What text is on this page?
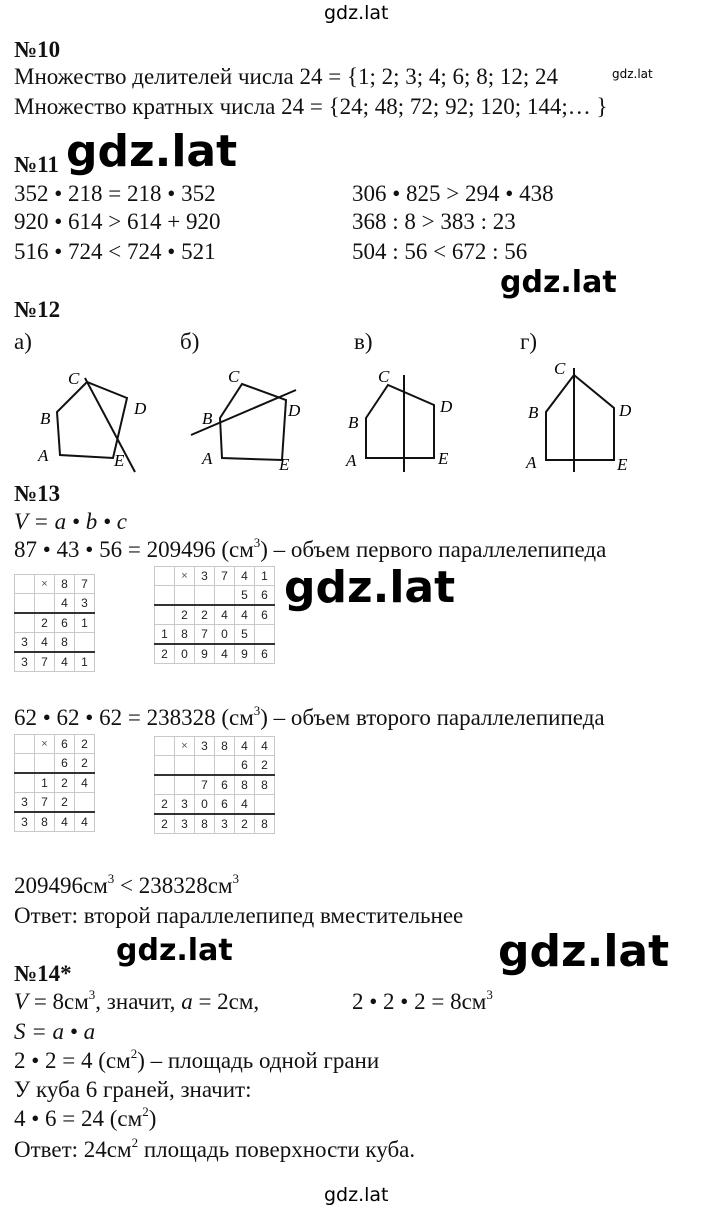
gdz.lat
№10
Множество делителей числа 24 = {1; 2; 3; 4; 6; 8; 12; 24	gdz.lat
Множество кратных числа 24 = {24; 48; 72; 92; 120; 144;… }
№11 gdz.lat
352 • 218 = 218 • 352	306 • 825 > 294 • 438
920 • 614 > 614 + 920	368 : 8 > 383 : 23
516 • 724 < 724 • 521	504 : 56 < 672 : 56
gdz.lat
№12
а)	б)	в)	г)
C
B
D
A	E
C
B	D
A	E
C
B
D
A	E
C
B	D
A	E
№13
V = a • b • c
87 • 43 • 56 = 209496 $(см^3)$ – объем первого параллелепипеда
	×	8	7
		4	3
	2	6	1
3	4	8	
3	7	4	1
	×	3	7	4	1
				5	6
	2	2	4	4	6
1	8	7	0	5	
2	0	9	4	9	6
gdz.lat
62 • 62 • 62 = 238328 $(см^3)$ – объем второго параллелепипеда
	×	6	2
		6	2
	1	2	4
3	7	2	
3	8	4	4
	×	3	8	4	4
				6	2
		7	6	8	8
2	3	0	6	4	
2	3	8	3	2	8
$209496см^3 < 238328см^3$
Ответ: второй параллелепипед вместительнее
gdz.lat	gdz.lat
№14*
$V = 8см^3$, значит, a = 2см,	2 • 2 • $2 = 8см^3$
S = a • a
2 • 2 = 4 $(см^2)$ – площадь одной грани
У куба 6 граней, значит:
4 • 6 = 24 $(см^2)$
Ответ: $24см^2$ площадь поверхности куба.
gdz.lat
